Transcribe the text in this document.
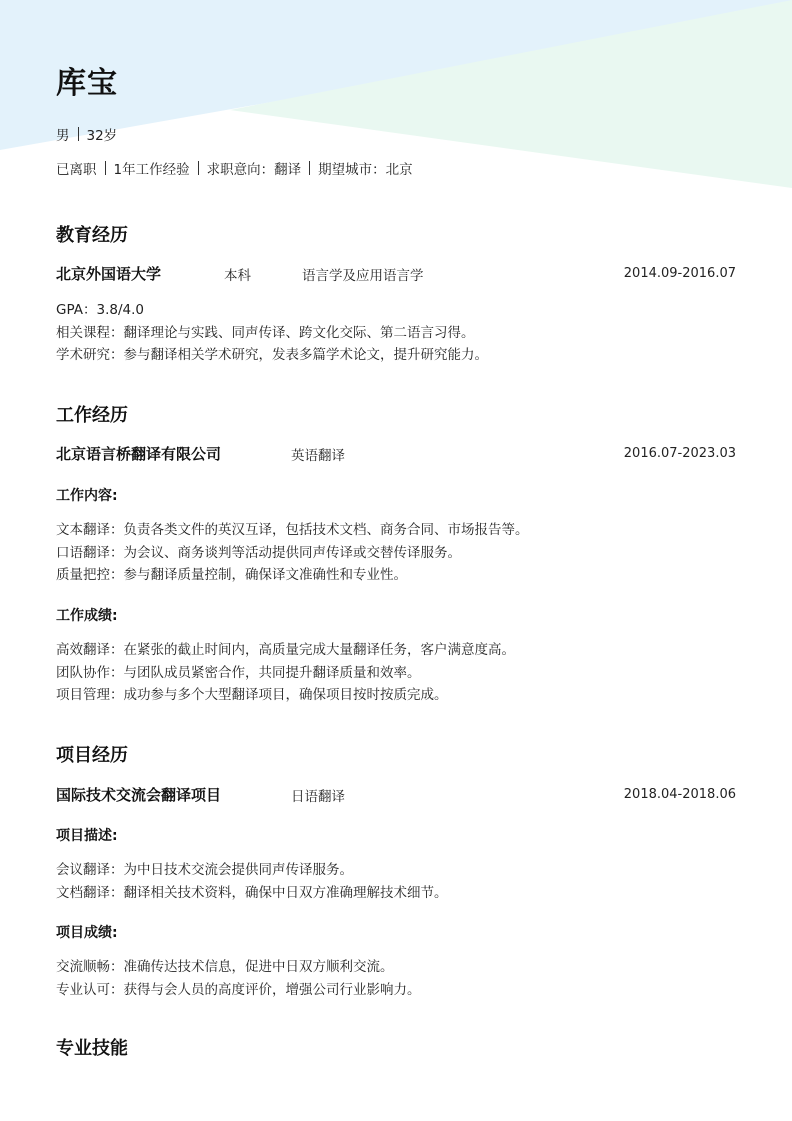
库宝
男 32岁
已离职 1年工作经验 求职意向：翻译 期望城市：北京
教育经历
北京外国语大学	本科	语言学及应用语言学	2014.09-2016.07
GPA：3.8/4.0
相关课程：翻译理论与实践、同声传译、跨文化交际、第二语言习得。
学术研究：参与翻译相关学术研究，发表多篇学术论文，提升研究能力。
工作经历
北京语言桥翻译有限公司	英语翻译	2016.07-2023.03
工作内容:
文本翻译：负责各类文件的英汉互译，包括技术文档、商务合同、市场报告等。
口语翻译：为会议、商务谈判等活动提供同声传译或交替传译服务。
质量把控：参与翻译质量控制，确保译文准确性和专业性。
工作成绩:
高效翻译：在紧张的截止时间内，高质量完成大量翻译任务，客户满意度高。
团队协作：与团队成员紧密合作，共同提升翻译质量和效率。
项目管理：成功参与多个大型翻译项目，确保项目按时按质完成。
项目经历
国际技术交流会翻译项目	日语翻译	2018.04-2018.06
项目描述:
会议翻译：为中日技术交流会提供同声传译服务。
文档翻译：翻译相关技术资料，确保中日双方准确理解技术细节。
项目成绩:
交流顺畅：准确传达技术信息，促进中日双方顺利交流。
专业认可：获得与会人员的高度评价，增强公司行业影响力。
专业技能
